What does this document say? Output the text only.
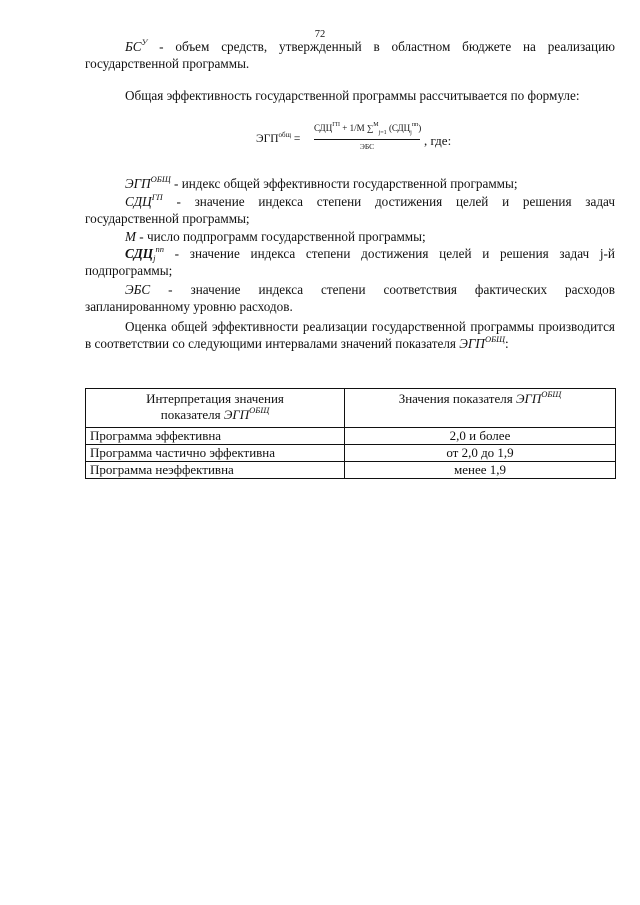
72
$БС^У$ - объем средств, утвержденный в областном бюджете на реализацию государственной программы.
Общая эффективность государственной программы рассчитывается по формуле:
$ЭГП^{общ}$ =
$СДЦ^{ГП} + 1/M$ ∑$^M_{j=1}$ $(СДЦ_j^{пп})$
ЭБС	, где:
$ЭГП^{ОБЩ}$ - индекс общей эффективности государственной программы;
$СДЦ^{ГП}$ - значение индекса степени достижения целей и решения задач государственной программы;
М - число подпрограмм государственной программы;
$СДЦ_j^{пп}$ - значение индекса степени достижения целей и решения задач j-й подпрограммы;
ЭБС - значение индекса степени соответствия фактических расходов запланированному уровню расходов.
Оценка общей эффективности реализации государственной программы производится в соответствии со следующими интервалами значений показателя $ЭГП^{ОБЩ}$:
Интерпретация значения
показателя $ЭГП^{ОБЩ}$	Значения показателя $ЭГП^{ОБЩ}$
Программа эффективна	2,0 и более
Программа частично эффективна	от 2,0 до 1,9
Программа неэффективна	менее 1,9
